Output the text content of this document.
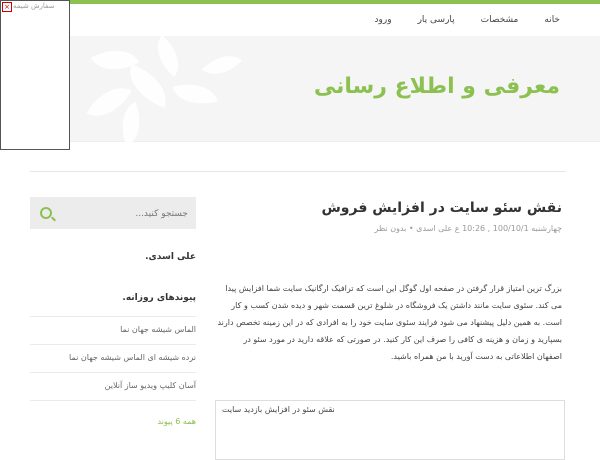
خانه
مشخصات
پارسی یار
ورود
معرفی و اطلاع رسانی
× سفارش شیمه
جستجو کنید...
علی اسدی.
پیوندهای روزانه.
الماس شیشه جهان نما
نرده شیشه ای الماس شیشه جهان نما
آسان کلیپ ویدیو ساز آنلاین
همه 6 پیوند
نقش سئو سایت در افزایش فروش
چهارشنبه 100/10/1 , 10:26 ع علی اسدی • بدون نظر
بزرگ ترین امتیاز قرار گرفتن در صفحه اول گوگل این است که ترافیک ارگانیک سایت شما افزایش پیدا می کند. سئوی سایت مانند داشتن یک فروشگاه در شلوغ ترین قسمت شهر و دیده شدن کسب و کار است. به همین دلیل پیشنهاد می شود فرایند سئوی سایت خود را به افرادی که در این زمینه تخصص دارند بسپارید و زمان و هزینه ی کافی را صرف این کار کنید. در صورتی که علاقه دارید در مورد سئو در اصفهان اطلاعاتی به دست آورید با من همراه باشید.
نقش سئو در افزایش بازدید سایت
